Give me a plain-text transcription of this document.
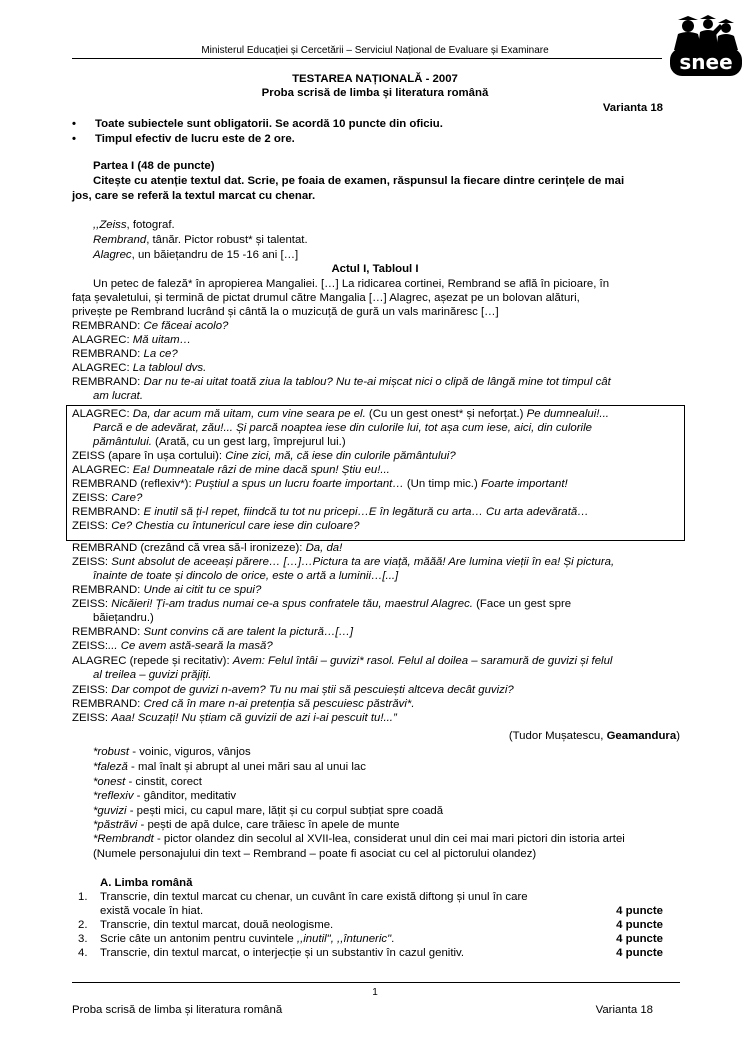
Ministerul Educației și Cercetării – Serviciul Național de Evaluare și Examinare	snee
TESTAREA NAȚIONALĂ - 2007
Proba scrisă de limba și literatura română
Varianta 18
• Toate subiectele sunt obligatorii. Se acordă 10 puncte din oficiu.
• Timpul efectiv de lucru este de 2 ore.
Partea I (48 de puncte)
Citește cu atenție textul dat. Scrie, pe foaia de examen, răspunsul la fiecare dintre cerințele de mai
jos, care se referă la textul marcat cu chenar.
,,Zeiss, fotograf.
Rembrand, tânăr. Pictor robust* și talentat.
Alagrec, un băiețandru de 15 -16 ani […]
Actul I, Tabloul I
Un petec de faleză* în apropierea Mangaliei. […] La ridicarea cortinei, Rembrand se află în picioare, în
fața șevaletului, și termină de pictat drumul către Mangalia […] Alagrec, așezat pe un bolovan alături,
privește pe Rembrand lucrând și cântă la o muzicuță de gură un vals marinăresc […]
REMBRAND: Ce făceai acolo?
ALAGREC: Mă uitam…
REMBRAND: La ce?
ALAGREC: La tabloul dvs.
REMBRAND: Dar nu te-ai uitat toată ziua la tablou? Nu te-ai mișcat nici o clipă de lângă mine tot timpul cât
am lucrat.
ALAGREC: Da, dar acum mă uitam, cum vine seara pe el. (Cu un gest onest* și neforțat.) Pe dumnealui!...
Parcă e de adevărat, zău!... Și parcă noaptea iese din culorile lui, tot așa cum iese, aici, din culorile
pământului. (Arată, cu un gest larg, împrejurul lui.)
ZEISS (apare în ușa cortului): Cine zici, mă, că iese din culorile pământului?
ALAGREC: Ea! Dumneatale râzi de mine dacă spun! Știu eu!...
REMBRAND (reflexiv*): Puștiul a spus un lucru foarte important… (Un timp mic.) Foarte important!
ZEISS: Care?
REMBRAND: E inutil să ți-l repet, fiindcă tu tot nu pricepi…E în legătură cu arta… Cu arta adevărată…
ZEISS: Ce? Chestia cu întunericul care iese din culoare?
REMBRAND (crezând că vrea să-l ironizeze): Da, da!
ZEISS: Sunt absolut de aceeași părere… […]…Pictura ta are viață, măăă! Are lumina vieții în ea! Și pictura,
înainte de toate și dincolo de orice, este o artă a luminii…[...]
REMBRAND: Unde ai citit tu ce spui?
ZEISS: Nicăieri! Ți-am tradus numai ce-a spus confratele tău, maestrul Alagrec. (Face un gest spre
băiețandru.)
REMBRAND: Sunt convins că are talent la pictură…[…]
ZEISS:... Ce avem astă-seară la masă?
ALAGREC (repede și recitativ): Avem: Felul întâi – guvizi* rasol. Felul al doilea – saramură de guvizi și felul
al treilea – guvizi prăjiți.
ZEISS: Dar compot de guvizi n-avem? Tu nu mai știi să pescuiești altceva decât guvizi?
REMBRAND: Cred că în mare n-ai pretenția să pescuiesc păstrăvi*.
ZEISS: Aaa! Scuzați! Nu știam că guvizii de azi i-ai pescuit tu!...”
(Tudor Mușatescu, Geamandura)
*robust - voinic, viguros, vânjos
*faleză - mal înalt și abrupt al unei mări sau al unui lac
*onest - cinstit, corect
*reflexiv - gânditor, meditativ
*guvizi - pești mici, cu capul mare, lățit și cu corpul subțiat spre coadă
*păstrăvi - pești de apă dulce, care trăiesc în apele de munte
*Rembrandt - pictor olandez din secolul al XVII-lea, considerat unul din cei mai mari pictori din istoria artei
(Numele personajului din text – Rembrand – poate fi asociat cu cel al pictorului olandez)
A. Limba română
1. Transcrie, din textul marcat cu chenar, un cuvânt în care există diftong și unul în care
există vocale în hiat.	4 puncte
2. Transcrie, din textul marcat, două neologisme.	4 puncte
3. Scrie câte un antonim pentru cuvintele ,,inutil", ,,întuneric".	4 puncte
4. Transcrie, din textul marcat, o interjecție și un substantiv în cazul genitiv.	4 puncte
1
Proba scrisă de limba și literatura română	Varianta 18
